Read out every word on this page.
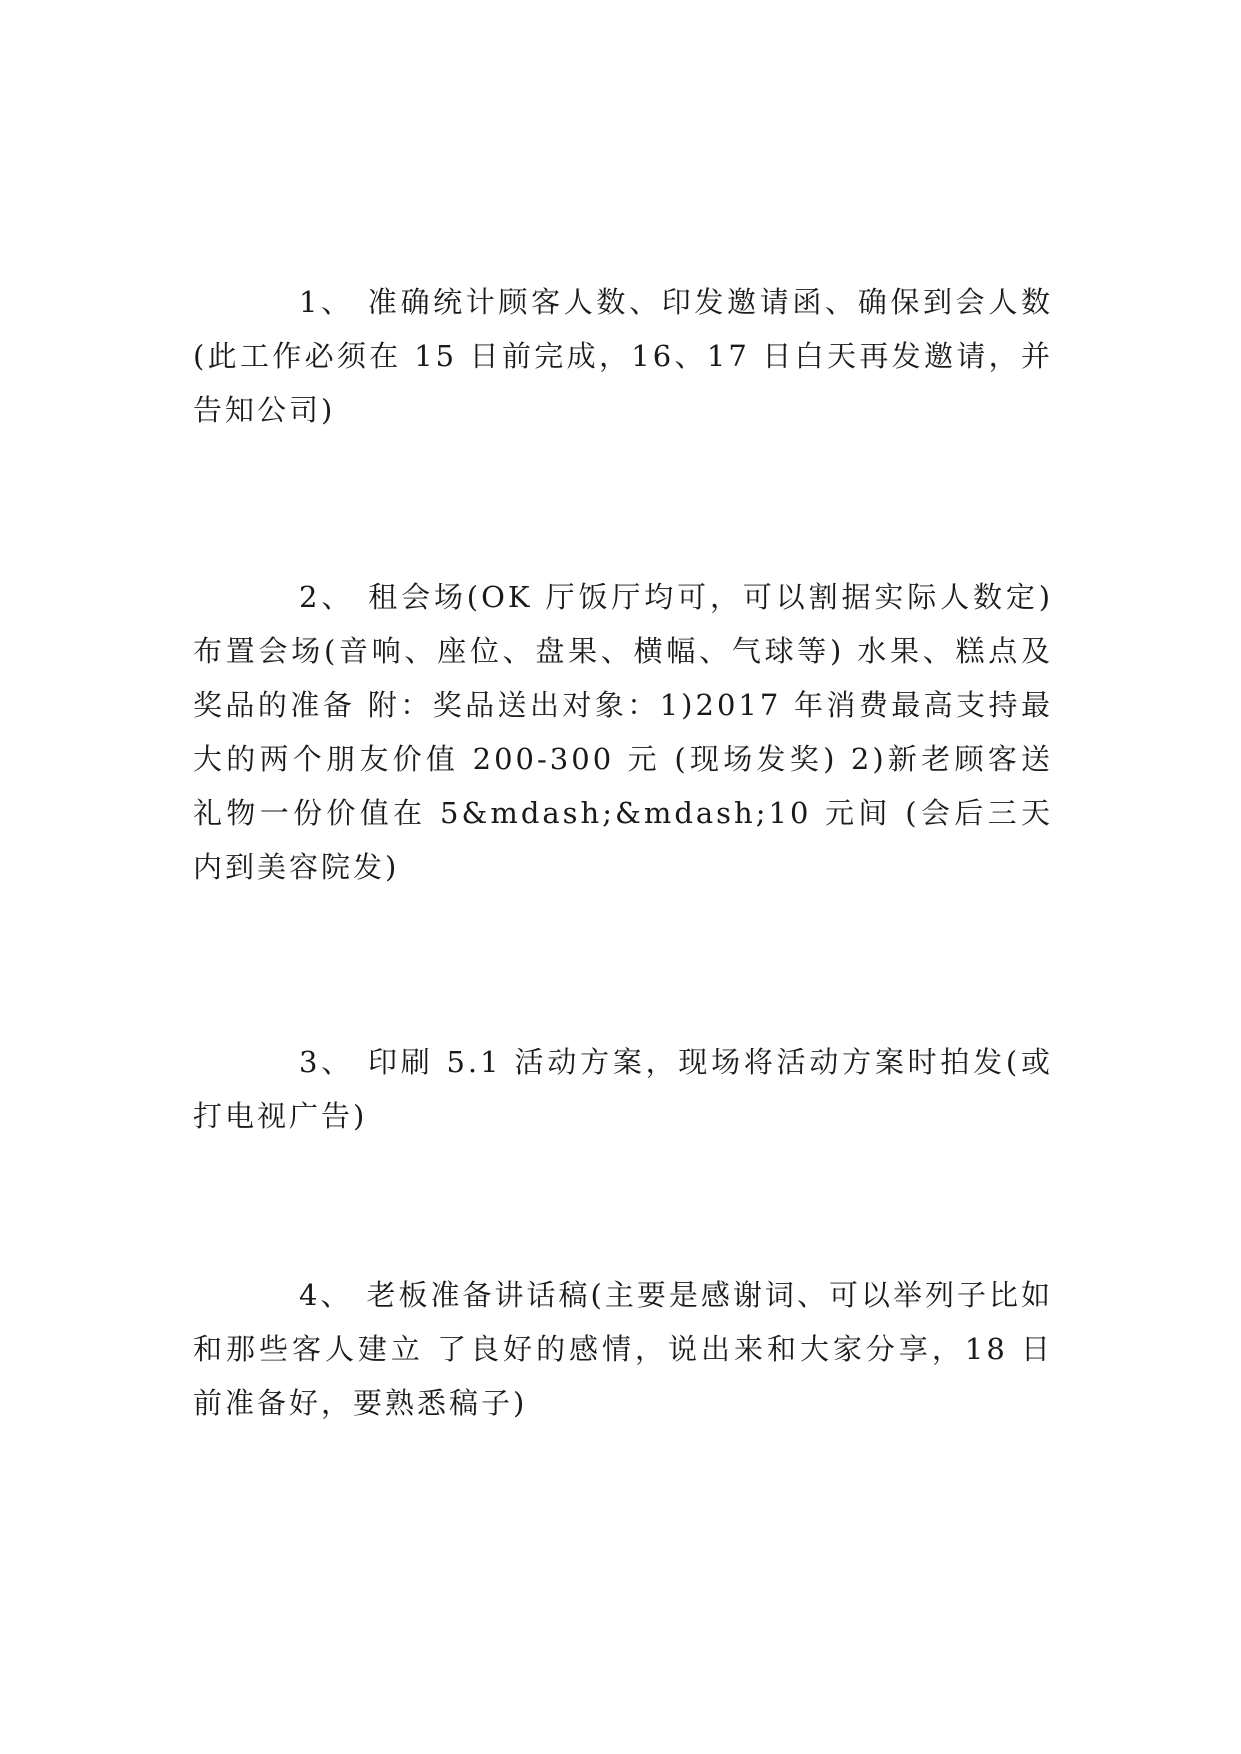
1、 准确统计顾客人数、印发邀请函、确保到会人数(此工作必须在 15 日前完成，16、17 日白天再发邀请，并告知公司)

2、 租会场(OK 厅饭厅均可，可以割据实际人数定)布置会场(音响、座位、盘果、横幅、气球等) 水果、糕点及奖品的准备 附：奖品送出对象：1)2017 年消费最高支持最大的两个朋友价值 200-300 元 (现场发奖) 2)新老顾客送礼物一份价值在 5&mdash;&mdash;10 元间 (会后三天内到美容院发)

3、 印刷 5.1 活动方案，现场将活动方案时拍发(或打电视广告)

4、 老板准备讲话稿(主要是感谢词、可以举列子比如和那些客人建立 了良好的感情，说出来和大家分享，18 日前准备好，要熟悉稿子)
